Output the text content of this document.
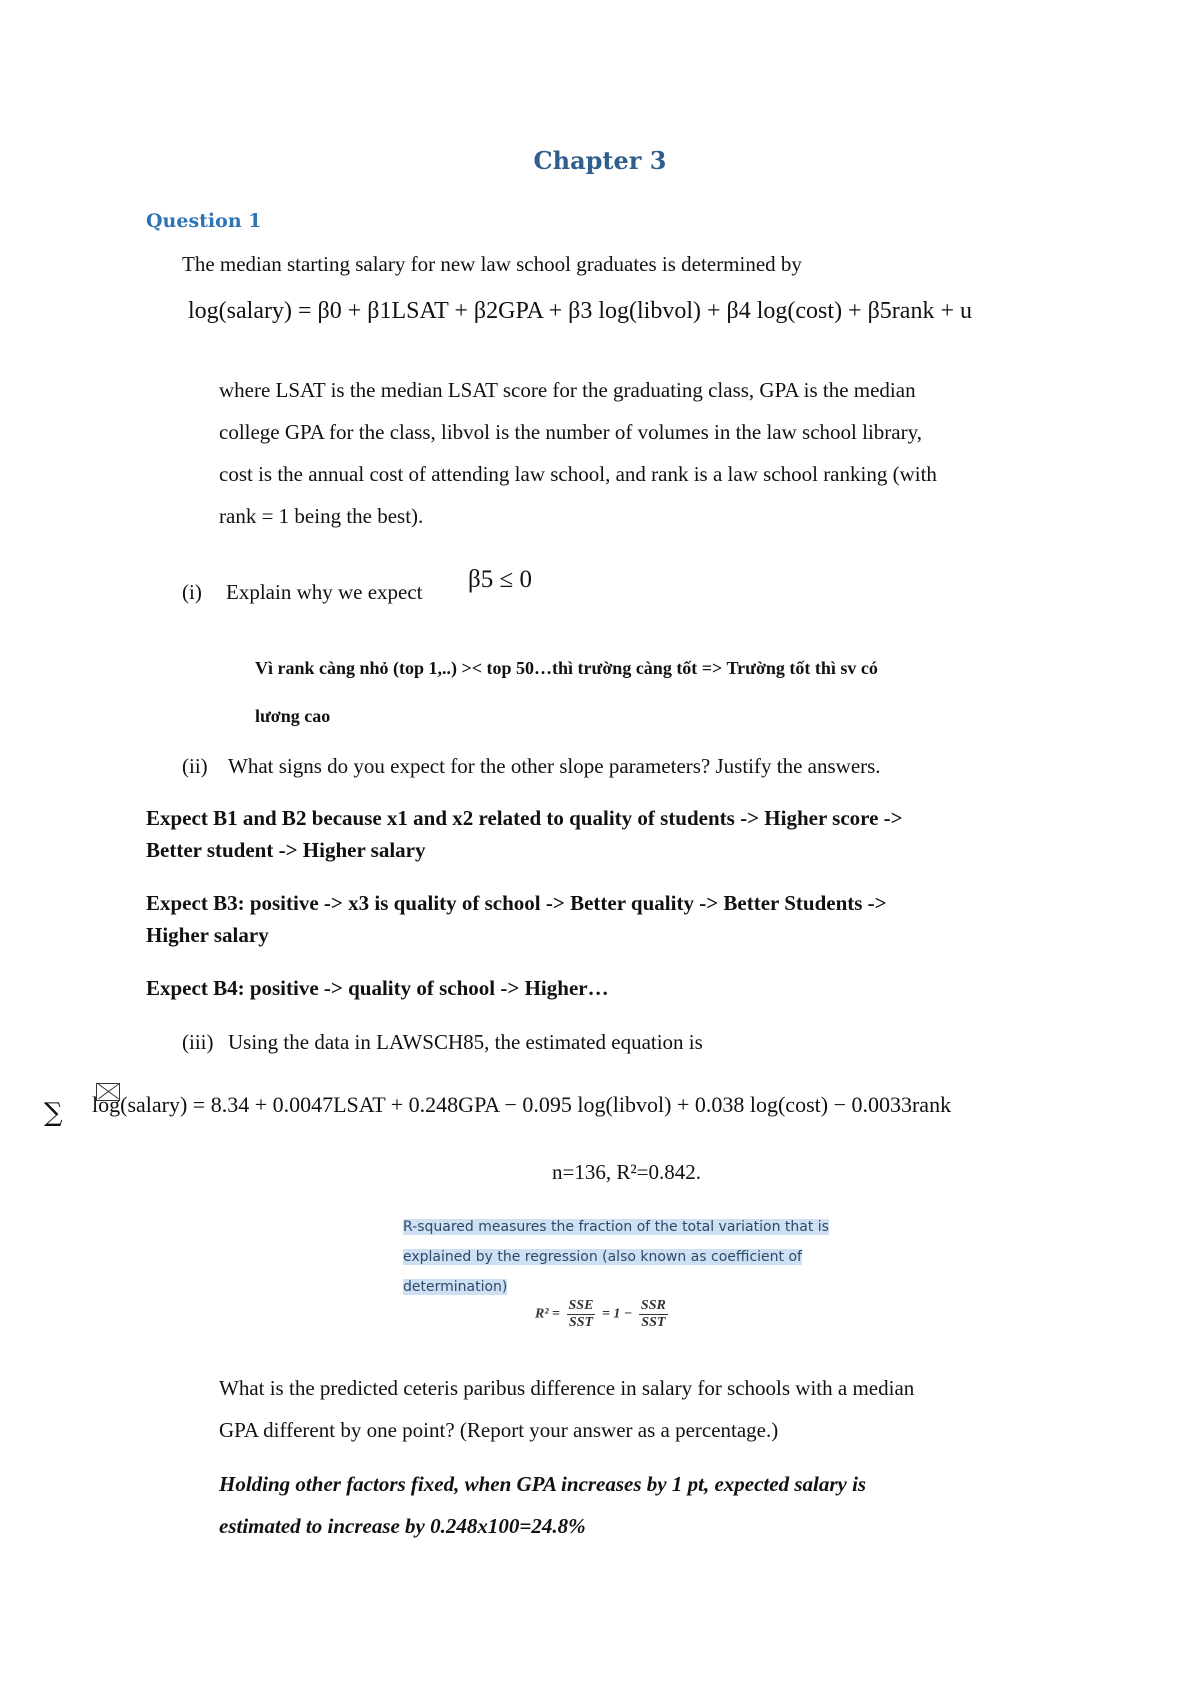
Chapter 3
Question 1
The median starting salary for new law school graduates is determined by
log(salary) = β0 + β1LSAT + β2GPA + β3 log(libvol) + β4 log(cost) + β5rank + u
where LSAT is the median LSAT score for the graduating class, GPA is the median
college GPA for the class, libvol is the number of volumes in the law school library,
cost is the annual cost of attending law school, and rank is a law school ranking (with
rank = 1 being the best).
(i) Explain why we expect β5 ≤ 0
Vì rank càng nhỏ (top 1,..) >< top 50…thì trường càng tốt => Trường tốt thì sv có
lương cao
(ii) What signs do you expect for the other slope parameters? Justify the answers.
Expect B1 and B2 because x1 and x2 related to quality of students -> Higher score ->
Better student -> Higher salary
Expect B3: positive -> x3 is quality of school -> Better quality -> Better Students ->
Higher salary
Expect B4: positive -> quality of school -> Higher…
(iii) Using the data in LAWSCH85, the estimated equation is
∑ log(salary) = 8.34 + 0.0047LSAT + 0.248GPA − 0.095 log(libvol) + 0.038 log(cost) − 0.0033rank
n=136, R²=0.842.
R-squared measures the fraction of the total variation that is
explained by the regression (also known as coefficient of
determination)
$R^2 = \frac{\text{SSE}}{\text{SST}} = 1 - \frac{\text{SSR}}{\text{SST}}$
What is the predicted ceteris paribus difference in salary for schools with a median
GPA different by one point? (Report your answer as a percentage.)
Holding other factors fixed, when GPA increases by 1 pt, expected salary is
estimated to increase by 0.248x100=24.8%
